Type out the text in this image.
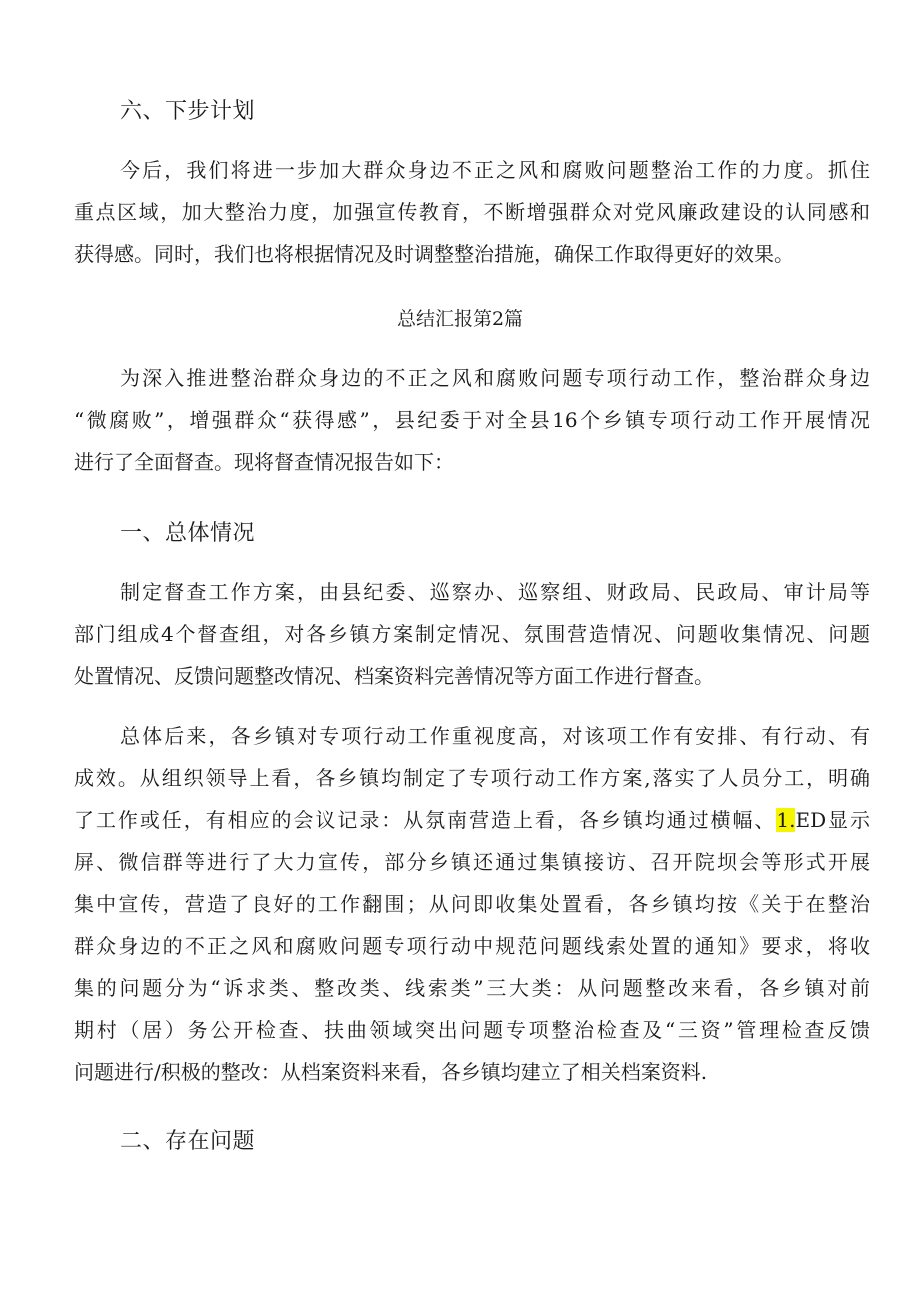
六、下步计划
今后，我们将进一步加大群众身边不正之风和腐败问题整治工作的力度。抓住
重点区域，加大整治力度，加强宣传教育，不断增强群众对党风廉政建设的认同感和
获得感。同时，我们也将根据情况及时调整整治措施，确保工作取得更好的效果。
总结汇报第2篇
为深入推进整治群众身边的不正之风和腐败问题专项行动工作，整治群众身边
“微腐败”，增强群众“获得感”，县纪委于对全县16个乡镇专项行动工作开展情况
进行了全面督查。现将督查情况报告如下：
一、总体情况
制定督查工作方案，由县纪委、巡察办、巡察组、财政局、民政局、审计局等
部门组成4个督查组，对各乡镇方案制定情况、氛围营造情况、问题收集情况、问题
处置情况、反馈问题整改情况、档案资料完善情况等方面工作进行督查。
总体后来，各乡镇对专项行动工作重视度高，对该项工作有安排、有行动、有
成效。从组织领导上看，各乡镇均制定了专项行动工作方案,落实了人员分工，明确
了工作或任，有相应的会议记录：从氛南营造上看，各乡镇均通过横幅、1.ED显示
屏、微信群等进行了大力宣传，部分乡镇还通过集镇接访、召开院坝会等形式开展
集中宣传，营造了良好的工作翻围；从问即收集处置看，各乡镇均按《关于在整治
群众身边的不正之风和腐败问题专项行动中规范问题线索处置的通知》要求，将收
集的问题分为“诉求类、整改类、线索类”三大类：从问题整改来看，各乡镇对前
期村（居）务公开检查、扶曲领域突出问题专项整治检查及“三资”管理检查反馈
问题进行/积极的整改：从档案资料来看，各乡镇均建立了相关档案资料.
二、存在问题
